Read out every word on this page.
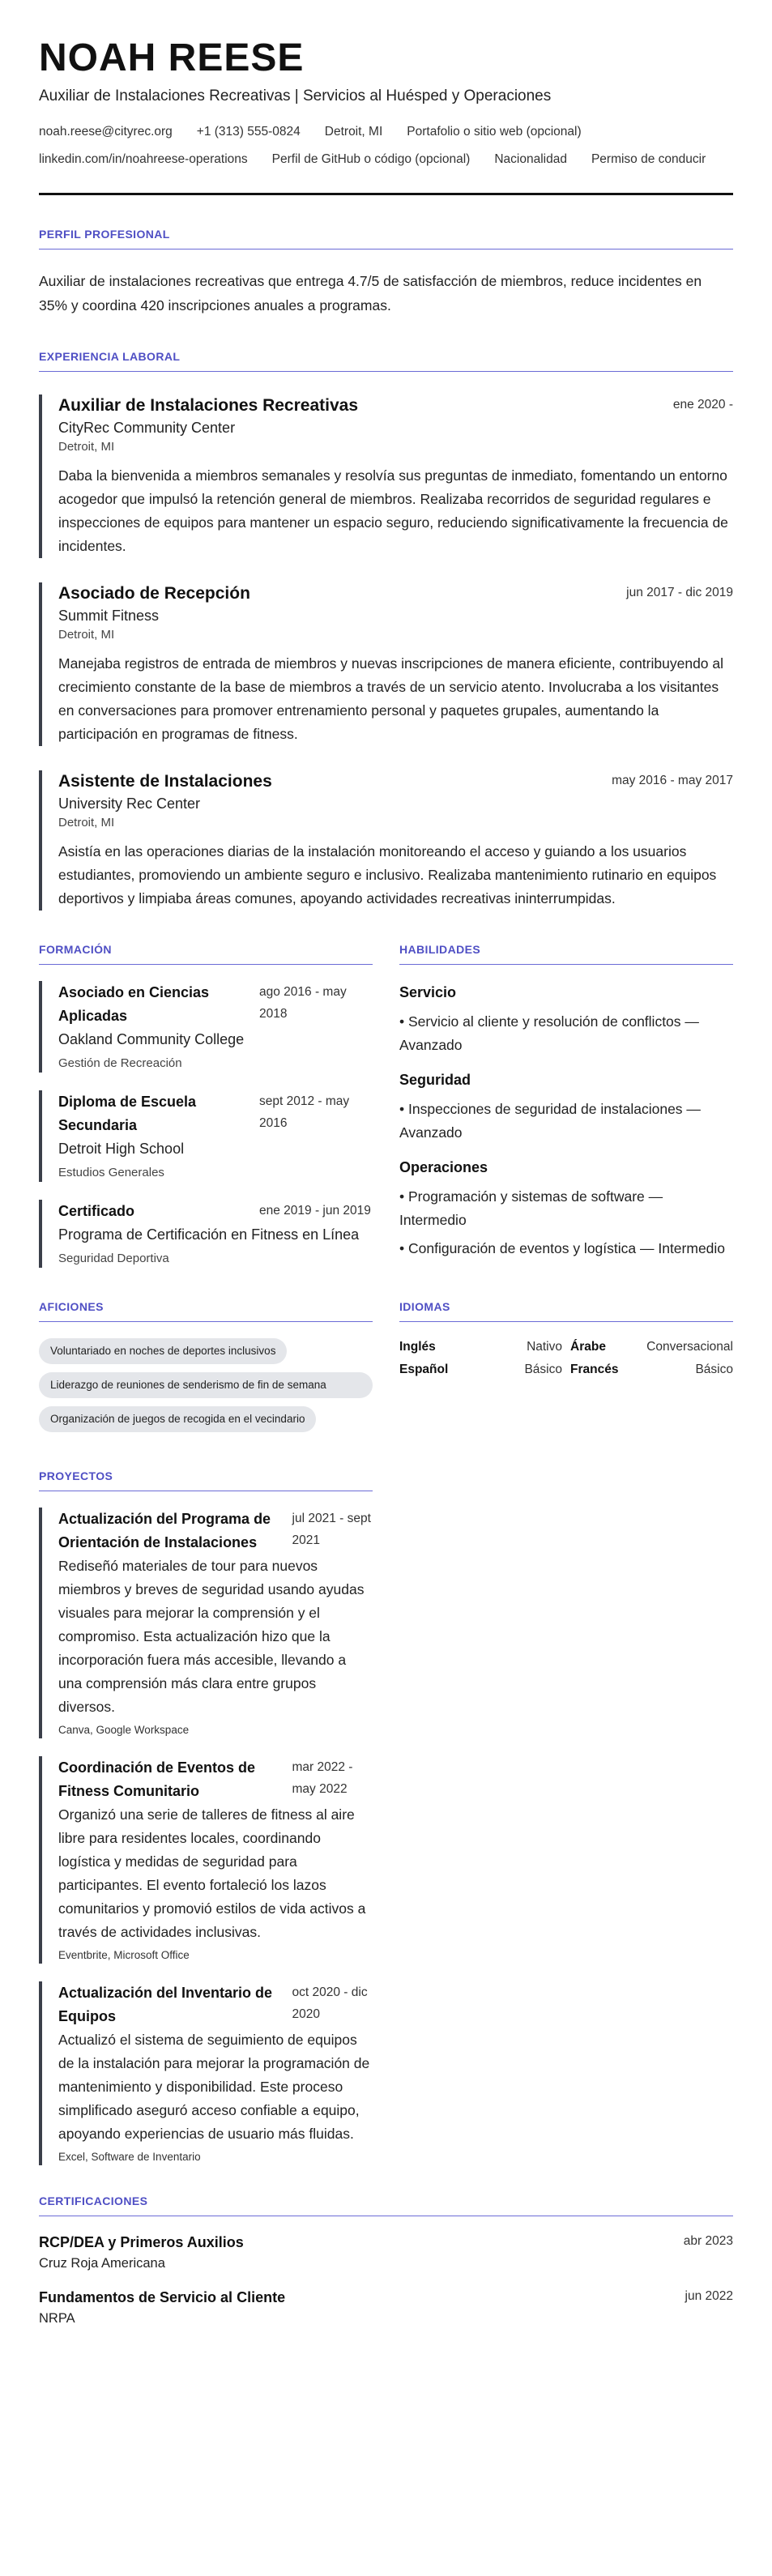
NOAH REESE
Auxiliar de Instalaciones Recreativas | Servicios al Huésped y Operaciones
noah.reese@cityrec.org +1 (313) 555-0824 Detroit, MI Portafolio o sitio web (opcional)
linkedin.com/in/noahreese-operations Perfil de GitHub o código (opcional) Nacionalidad Permiso de conducir
PERFIL PROFESIONAL
Auxiliar de instalaciones recreativas que entrega 4.7/5 de satisfacción de miembros, reduce incidentes en 35% y coordina 420 inscripciones anuales a programas.
EXPERIENCIA LABORAL
Auxiliar de Instalaciones Recreativas	ene 2020 -
CityRec Community Center
Detroit, MI
Daba la bienvenida a miembros semanales y resolvía sus preguntas de inmediato, fomentando un entorno acogedor que impulsó la retención general de miembros. Realizaba recorridos de seguridad regulares e inspecciones de equipos para mantener un espacio seguro, reduciendo significativamente la frecuencia de incidentes.
Asociado de Recepción	jun 2017 - dic 2019
Summit Fitness
Detroit, MI
Manejaba registros de entrada de miembros y nuevas inscripciones de manera eficiente, contribuyendo al crecimiento constante de la base de miembros a través de un servicio atento. Involucraba a los visitantes en conversaciones para promover entrenamiento personal y paquetes grupales, aumentando la participación en programas de fitness.
Asistente de Instalaciones	may 2016 - may 2017
University Rec Center
Detroit, MI
Asistía en las operaciones diarias de la instalación monitoreando el acceso y guiando a los usuarios estudiantes, promoviendo un ambiente seguro e inclusivo. Realizaba mantenimiento rutinario en equipos deportivos y limpiaba áreas comunes, apoyando actividades recreativas ininterrumpidas.
FORMACIÓN
Asociado en Ciencias Aplicadas
ago 2016 - may 2018
Oakland Community College
Gestión de Recreación
Diploma de Escuela Secundaria
sept 2012 - may 2016
Detroit High School
Estudios Generales
Certificado	ene 2019 - jun 2019
Programa de Certificación en Fitness en Línea
Seguridad Deportiva
HABILIDADES
Servicio
• Servicio al cliente y resolución de conflictos — Avanzado
Seguridad
• Inspecciones de seguridad de instalaciones — Avanzado
Operaciones
• Programación y sistemas de software — Intermedio
• Configuración de eventos y logística — Intermedio
AFICIONES
Voluntariado en noches de deportes inclusivos
Liderazgo de reuniones de senderismo de fin de semana
Organización de juegos de recogida en el vecindario
IDIOMAS
Inglés	Nativo Árabe	Conversacional
Español	Básico Francés	Básico
PROYECTOS
Actualización del Programa de Orientación de Instalaciones
jul 2021 - sept 2021
Rediseñó materiales de tour para nuevos miembros y breves de seguridad usando ayudas visuales para mejorar la comprensión y el compromiso. Esta actualización hizo que la incorporación fuera más accesible, llevando a una comprensión más clara entre grupos diversos.
Canva, Google Workspace
Coordinación de Eventos de Fitness Comunitario
mar 2022 - may 2022
Organizó una serie de talleres de fitness al aire libre para residentes locales, coordinando logística y medidas de seguridad para participantes. El evento fortaleció los lazos comunitarios y promovió estilos de vida activos a través de actividades inclusivas.
Eventbrite, Microsoft Office
Actualización del Inventario de Equipos
oct 2020 - dic 2020
Actualizó el sistema de seguimiento de equipos de la instalación para mejorar la programación de mantenimiento y disponibilidad. Este proceso simplificado aseguró acceso confiable a equipo, apoyando experiencias de usuario más fluidas.
Excel, Software de Inventario
CERTIFICACIONES
RCP/DEA y Primeros Auxilios	abr 2023
Cruz Roja Americana
Fundamentos de Servicio al Cliente	jun 2022
NRPA
